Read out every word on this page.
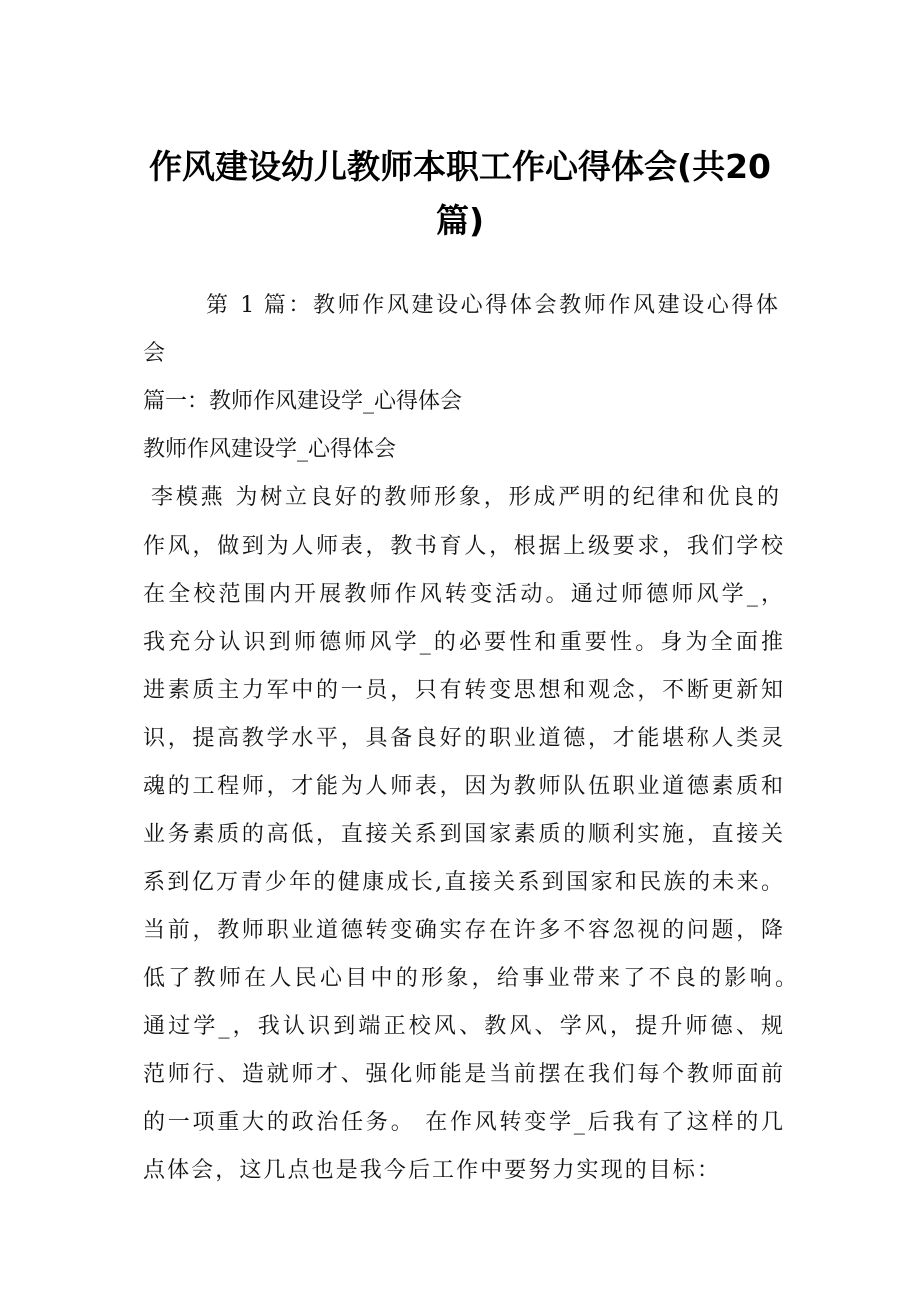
作风建设幼儿教师本职工作心得体会(共20
篇)
第 1 篇：教师作风建设心得体会教师作风建设心得体
会
篇一：教师作风建设学_心得体会
教师作风建设学_心得体会
李模燕 为树立良好的教师形象，形成严明的纪律和优良的
作风，做到为人师表，教书育人，根据上级要求，我们学校
在全校范围内开展教师作风转变活动。通过师德师风学_，
我充分认识到师德师风学_的必要性和重要性。身为全面推
进素质主力军中的一员，只有转变思想和观念，不断更新知
识，提高教学水平，具备良好的职业道德，才能堪称人类灵
魂的工程师，才能为人师表，因为教师队伍职业道德素质和
业务素质的高低，直接关系到国家素质的顺利实施，直接关
系到亿万青少年的健康成长,直接关系到国家和民族的未来。
当前，教师职业道德转变确实存在许多不容忽视的问题，降
低了教师在人民心目中的形象，给事业带来了不良的影响。
通过学_，我认识到端正校风、教风、学风，提升师德、规
范师行、造就师才、强化师能是当前摆在我们每个教师面前
的一项重大的政治任务。 在作风转变学_后我有了这样的几
点体会，这几点也是我今后工作中要努力实现的目标：
